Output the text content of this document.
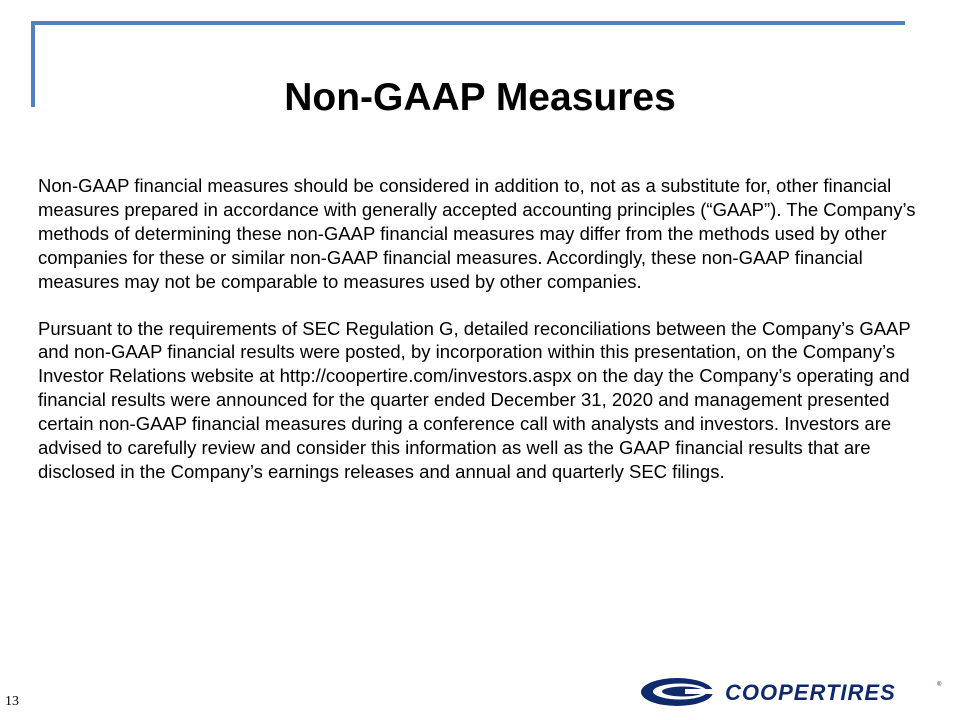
Non-GAAP Measures

Non-GAAP financial measures should be considered in addition to, not as a substitute for, other financial measures prepared in accordance with generally accepted accounting principles (“GAAP”). The Company’s methods of determining these non-GAAP financial measures may differ from the methods used by other companies for these or similar non-GAAP financial measures. Accordingly, these non-GAAP financial measures may not be comparable to measures used by other companies.

Pursuant to the requirements of SEC Regulation G, detailed reconciliations between the Company’s GAAP and non-GAAP financial results were posted, by incorporation within this presentation, on the Company’s Investor Relations website at http://coopertire.com/investors.aspx on the day the Company’s operating and financial results were announced for the quarter ended December 31, 2020 and management presented certain non-GAAP financial measures during a conference call with analysts and investors. Investors are advised to carefully review and consider this information as well as the GAAP financial results that are disclosed in the Company’s earnings releases and annual and quarterly SEC filings.

13	COOPERTIRES	®
